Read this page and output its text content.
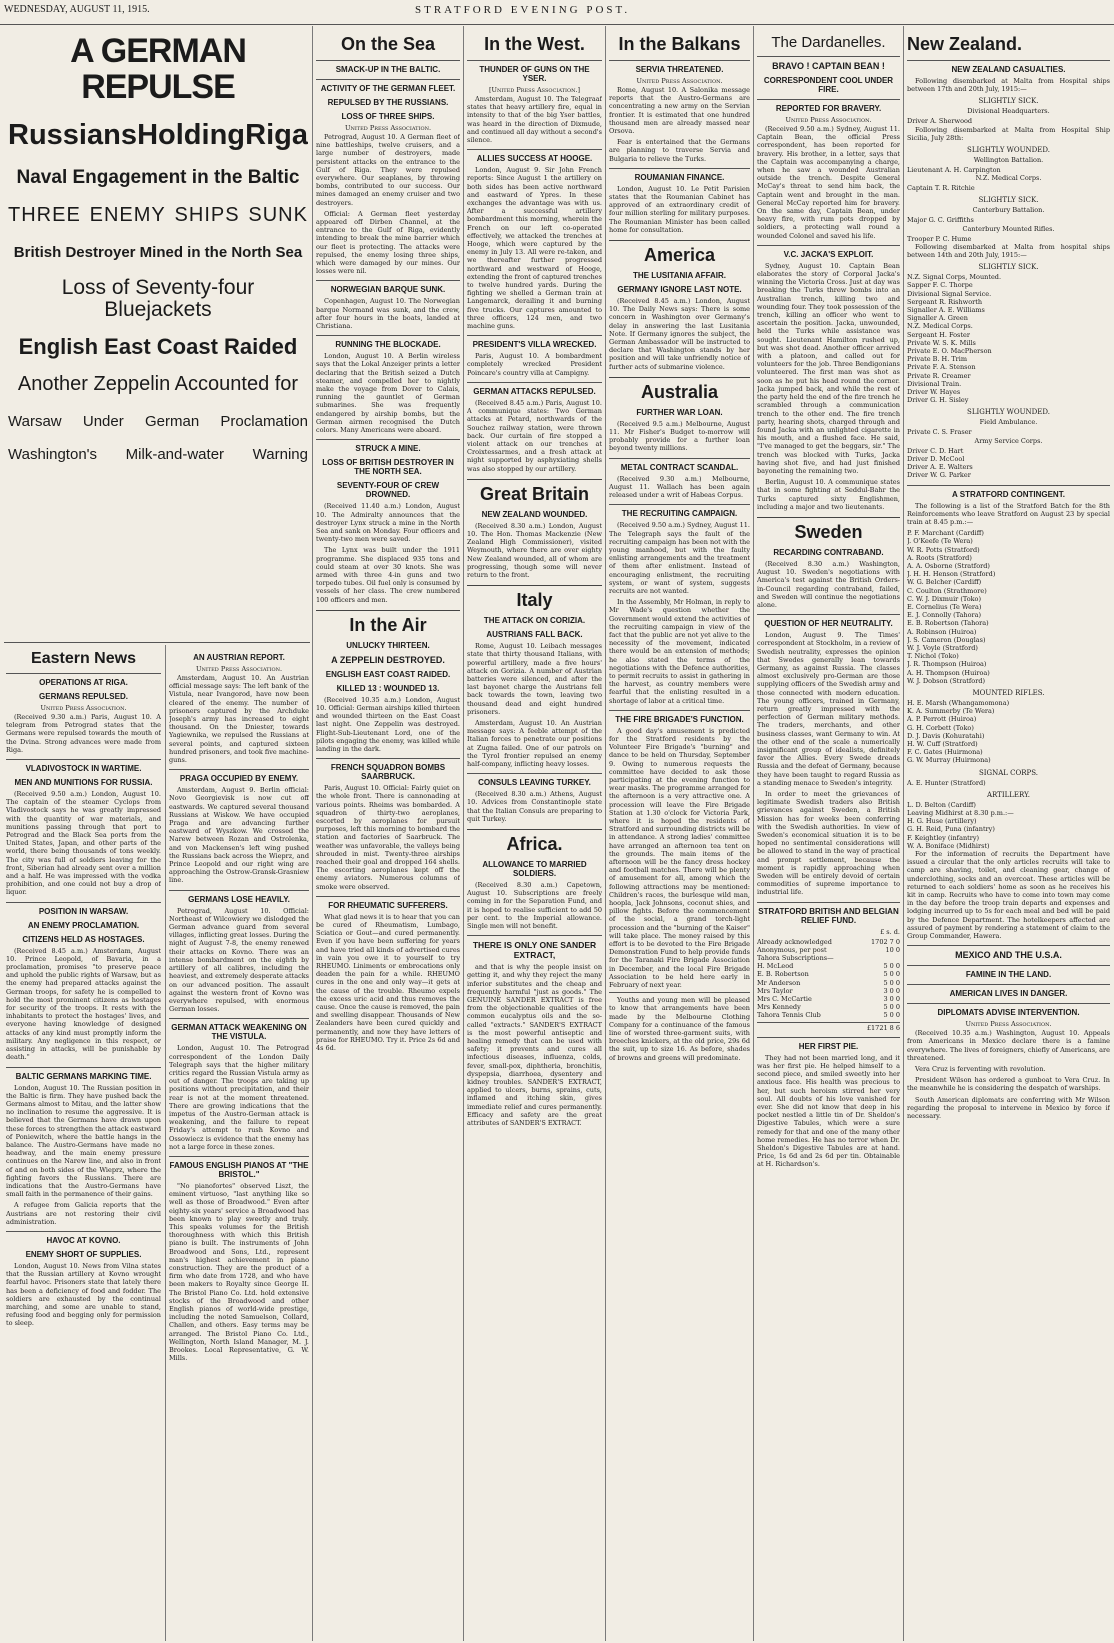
WEDNESDAY, AUGUST 11, 1915.	STRATFORD EVENING POST.

A GERMAN REPULSE

Russians Holding Riga

Naval Engagement in the Baltic

THREE ENEMY SHIPS SUNK

British Destroyer Mined in the North Sea

Loss of Seventy-four Bluejackets

English East Coast Raided

Another Zeppelin Accounted for

Warsaw Under German Proclamation
Washington's Milk-and-water Warning
Eastern News

OPERATIONS AT RIGA.

GERMANS REPULSED.

United Press Association.

(Received 9.30 a.m.) Paris, August 10. A telegram from Petrograd states that the Germans were repulsed towards the mouth of the Dvina. Strong advances were made from Riga.

VLADIVOSTOCK IN WARTIME.

MEN AND MUNITIONS FOR RUSSIA.

(Received 9.50 a.m.) London, August 10. The captain of the steamer Cyclops from Vladivostock says he was greatly impressed with the quantity of war materials, and munitions passing through that port to Petrograd and the Black Sea ports from the United States, Japan, and other parts of the world, there being thousands of tons weekly. The city was full of soldiers leaving for the front, Siberian had already sent over a million and a half. He was impressed with the vodka prohibition, and one could not buy a drop of liquor.

POSITION IN WARSAW.

AN ENEMY PROCLAMATION.

CITIZENS HELD AS HOSTAGES.

(Received 8.45 a.m.) Amsterdam, August 10. Prince Leopold, of Bavaria, in a proclamation, promises "to preserve peace and uphold the public rights of Warsaw, but as the enemy had prepared attacks against the German troops, for safety he is compelled to hold the most prominent citizens as hostages for security of the troops. It rests with the inhabitants to protect the hostages' lives, and everyone having knowledge of designed attacks of any kind must promptly inform the military. Any negligence in this respect, or assisting in attacks, will be punishable by death."

BALTIC GERMANS MARKING TIME.

London, August 10. The Russian position in the Baltic is firm. They have pushed back the Germans almost to Mitau, and the latter show no inclination to resume the aggressive. It is believed that the Germans have drawn upon these forces to strengthen the attack eastward of Poniewitch, where the battle hangs in the balance. The Austro-Germans have made no headway, and the main enemy pressure continues on the Narew line, and also in front of and on both sides of the Wieprz, where the fighting favors the Russians. There are indications that the Austro-Germans have small faith in the permanence of their gains.

A refugee from Galicia reports that the Austrians are not restoring their civil administration.

HAVOC AT KOVNO.

ENEMY SHORT OF SUPPLIES.

London, August 10. News from Vilna states that the Russian artillery at Kovno wrought fearful havoc. Prisoners state that lately there has been a deficiency of food and fodder. The soldiers are exhausted by the continual marching, and some are unable to stand, refusing food and begging only for permission to sleep.

AN AUSTRIAN REPORT.

United Press Association.

Amsterdam, August 10. An Austrian official message says: The left bank of the Vistula, near Ivangorod, have now been cleared of the enemy. The number of prisoners captured by the Archduke Joseph's army has increased to eight thousand. On the Dniester, towards Yagiewnika, we repulsed the Russians at several points, and captured sixteen hundred prisoners, and took five machine-guns.

PRAGA OCCUPIED BY ENEMY.

Amsterdam, August 9. Berlin official: Novo Georgievisk is now cut off eastwards. We captured several thousand Russians at Wiskow. We have occupied Praga and are advancing further eastward of Wyszkow. We crossed the Narew between Rozan and Ostrolenka, and von Mackensen's left wing pushed the Russians back across the Wieprz, and Prince Leopold and our right wing are approaching the Ostrow-Gransk-Grasniew line.

GERMANS LOSE HEAVILY.

Petrograd, August 10. Official: Northeast of Wilcowiery we dislodged the German advance guard from several villages, inflicting great losses. During the night of August 7-8, the enemy renewed their attacks on Kovno. There was an intense bombardment on the eighth by artillery of all calibres, including the heaviest, and extremely desperate attacks on our advanced position. The assault against the western front of Kovno was everywhere repulsed, with enormous German losses.

GERMAN ATTACK WEAKENING ON THE VISTULA.

London, August 10. The Petrograd correspondent of the London Daily Telegraph says that the higher military critics regard the Russian Vistula army as out of danger. The troops are taking up positions without precipitation, and their rear is not at the moment threatened. There are growing indications that the impetus of the Austro-German attack is weakening, and the failure to repeat Friday's attempt to rush Kovno and Ossowiecz is evidence that the enemy has not a large force in these zones.

FAMOUS ENGLISH PIANOS AT "THE BRISTOL."

"No pianofortes" observed Liszt, the eminent virtuoso, "last anything like so well as those of Broadwood." Even after eighty-six years' service a Broadwood has been known to play sweetly and truly. This speaks volumes for the British thoroughness with which this British piano is built. The instruments of John Broadwood and Sons, Ltd., represent man's highest achievement in piano construction. They are the product of a firm who date from 1728, and who have been makers to Royalty since George II. The Bristol Piano Co. Ltd. hold extensive stocks of the Broadwood and other English pianos of world-wide prestige, including the noted Samuelson, Collard, Challen, and others. Easy terms may be arranged. The Bristol Piano Co. Ltd., Wellington, North Island Manager, M. J. Brookes. Local Representative, G. W. Mills.

On the Sea

SMACK-UP IN THE BALTIC.

ACTIVITY OF THE GERMAN FLEET.

REPULSED BY THE RUSSIANS.

LOSS OF THREE SHIPS.

United Press Association.

Petrograd, August 10. A German fleet of nine battleships, twelve cruisers, and a large number of destroyers, made persistent attacks on the entrance to the Gulf of Riga. They were repulsed everywhere. Our seaplanes, by throwing bombs, contributed to our success. Our mines damaged an enemy cruiser and two destroyers.

Official: A German fleet yesterday appeared off Dirben Channel, at the entrance to the Gulf of Riga, evidently intending to break the mine barrier which our fleet is protecting. The attacks were repulsed, the enemy losing three ships, which were damaged by our mines. Our losses were nil.

NORWEGIAN BARQUE SUNK.

Copenhagen, August 10. The Norwegian barque Normand was sunk, and the crew, after four hours in the boats, landed at Christiana.

RUNNING THE BLOCKADE.

London, August 10. A Berlin wireless says that the Lokal Anzeiger prints a letter declaring that the British seized a Dutch steamer, and compelled her to nightly make the voyage from Dover to Calais, running the gauntlet of German submarines. She was frequently endangered by airship bombs, but the German airmen recognised the Dutch colors. Many Americans were aboard.

STRUCK A MINE.

LOSS OF BRITISH DESTROYER IN THE NORTH SEA.

SEVENTY-FOUR OF CREW DROWNED.

(Received 11.40 a.m.) London, August 10. The Admiralty announces that the destroyer Lynx struck a mine in the North Sea and sank on Monday. Four officers and twenty-two men were saved.

The Lynx was built under the 1911 programme. She displaced 935 tons and could steam at over 30 knots. She was armed with three 4-in guns and two torpedo tubes. Oil fuel only is consumed by vessels of her class. The crew numbered 100 officers and men.

In the Air

UNLUCKY THIRTEEN.

A ZEPPELIN DESTROYED.

ENGLISH EAST COAST RAIDED.

KILLED 13 : WOUNDED 13.

(Received 10.35 a.m.) London, August 10. Official: German airships killed thirteen and wounded thirteen on the East Coast last night. One Zeppelin was destroyed. Flight-Sub-Lieutenant Lord, one of the pilots engaging the enemy, was killed while landing in the dark.

FRENCH SQUADRON BOMBS SAARBRUCK.

Paris, August 10. Official: Fairly quiet on the whole front. There is cannonading at various points. Rheims was bombarded. A squadron of thirty-two aeroplanes, escorted by aeroplanes for pursuit purposes, left this morning to bombard the station and factories of Saarbruck. The weather was unfavorable, the valleys being shrouded in mist. Twenty-three airships reached their goal and dropped 164 shells. The escorting aeroplanes kept off the enemy aviators. Numerous columns of smoke were observed.

FOR RHEUMATIC SUFFERERS.

What glad news it is to hear that you can be cured of Rheumatism, Lumbago, Sciatica or Gout—and cured permanently. Even if you have been suffering for years and have tried all kinds of advertised cures in vain you owe it to yourself to try RHEUMO. Liniments or embrocations only deaden the pain for a while. RHEUMO cures in the one and only way—it gets at the cause of the trouble. Rheumo expels the excess uric acid and thus removes the cause. Once the cause is removed, the pain and swelling disappear. Thousands of New Zealanders have been cured quickly and permanently, and now they have letters of praise for RHEUMO. Try it. Price 2s 6d and 4s 6d.

In the West.

THUNDER OF GUNS ON THE YSER.

[United Press Association.]

Amsterdam, August 10. The Telegraaf states that heavy artillery fire, equal in intensity to that of the big Yser battles, was heard in the direction of Dixmude, and continued all day without a second's silence.

ALLIES SUCCESS AT HOOGE.

London, August 9. Sir John French reports: Since August 1 the artillery on both sides has been active northward and eastward of Ypres. In these exchanges the advantage was with us. After a successful artillery bombardment this morning, wherein the French on our left co-operated effectively, we attacked the trenches at Hooge, which were captured by the enemy in July 13. All were re-taken, and we thereafter further progressed northward and westward of Hooge, extending the front of captured trenches to twelve hundred yards. During the fighting we shelled a German train at Langemarck, derailing it and burning five trucks. Our captures amounted to three officers, 124 men, and two machine guns.

PRESIDENT'S VILLA WRECKED.

Paris, August 10. A bombardment completely wrecked President Poincare's country villa at Campigny.

GERMAN ATTACKS REPULSED.

(Received 8.45 a.m.) Paris, August 10. A communique states: Two German attacks at Petard, northwards of the Souchez railway station, were thrown back. Our curtain of fire stopped a violent attack on our trenches at Croixtessarmes, and a fresh attack at night supported by asphyxiating shells was also stopped by our artillery.

Great Britain

NEW ZEALAND WOUNDED.

(Received 8.30 a.m.) London, August 10. The Hon. Thomas Mackenzie (New Zealand High Commissioner), visited Weymouth, where there are over eighty New Zealand wounded, all of whom are progressing, though some will never return to the front.

Italy

THE ATTACK ON CORIZIA.

AUSTRIANS FALL BACK.

Rome, August 10. Leibach messages state that thirty thousand Italians, with powerful artillery, made a five hours' attack on Gorizia. A number of Austrian batteries were silenced, and after the last bayonet charge the Austrians fell back towards the town, leaving two thousand dead and eight hundred prisoners.

Amsterdam, August 10. An Austrian message says: A feeble attempt of the Italian forces to penetrate our positions at Zugna failed. One of our patrols on the Tyrol frontier repulsed an enemy half-company, inflicting heavy losses.

CONSULS LEAVING TURKEY.

(Received 8.30 a.m.) Athens, August 10. Advices from Constantinople state that the Italian Consuls are preparing to quit Turkey.

Africa.

ALLOWANCE TO MARRIED SOLDIERS.

(Received 8.30 a.m.) Capetown, August 10. Subscriptions are freely coming in for the Separation Fund, and it is hoped to realise sufficient to add 50 per cent. to the Imperial allowance. Single men will not benefit.

THERE IS ONLY ONE SANDER EXTRACT,

and that is why the people insist on getting it, and why they reject the many inferior substitutes and the cheap and frequently harmful "just as goods." The GENUINE SANDER EXTRACT is free from the objectionable qualities of the common eucalyptus oils and the so-called "extracts." SANDER'S EXTRACT is the most powerful antiseptic and healing remedy that can be used with safety; it prevents and cures all infectious diseases, influenza, colds, fever, small-pox, diphtheria, bronchitis, dyspepsia, diarrhoea, dysentery and kidney troubles. SANDER'S EXTRACT, applied to ulcers, burns, sprains, cuts, inflamed and itching skin, gives immediate relief and cures permanently. Efficacy and safety are the great attributes of SANDER'S EXTRACT.

In the Balkans

SERVIA THREATENED.

United Press Association.

Rome, August 10. A Salonika message reports that the Austro-Germans are concentrating a new army on the Servian frontier. It is estimated that one hundred thousand men are already massed near Orsova.

Fear is entertained that the Germans are planning to traverse Servia and Bulgaria to relieve the Turks.

ROUMANIAN FINANCE.

London, August 10. Le Petit Parisien states that the Roumanian Cabinet has approved of an extraordinary credit of four million sterling for military purposes. The Roumanian Minister has been called home for consultation.

America

THE LUSITANIA AFFAIR.

GERMANY IGNORE LAST NOTE.

(Received 8.45 a.m.) London, August 10. The Daily News says: There is some concern in Washington over Germany's delay in answering the last Lusitania Note. If Germany ignores the subject, the German Ambassador will be instructed to declare that Washington stands by her position and will take unfriendly notice of further acts of submarine violence.

Australia

FURTHER WAR LOAN.

(Received 9.5 a.m.) Melbourne, August 11. Mr Fisher's Budget to-morrow will probably provide for a further loan beyond twenty millions.

METAL CONTRACT SCANDAL.

(Received 9.30 a.m.) Melbourne, August 11. Wallach has been again released under a writ of Habeas Corpus.

THE RECRUITING CAMPAIGN.

(Received 9.50 a.m.) Sydney, August 11. The Telegraph says the fault of the recruiting campaign has been not with the young manhood, but with the faulty enlisting arrangements and the treatment of them after enlistment. Instead of encouraging enlistment, the recruiting system, or want of system, suggests recruits are not wanted.

In the Assembly, Mr Holman, in reply to Mr Wade's question whether the Government would extend the activities of the recruiting campaign in view of the fact that the public are not yet alive to the necessity of the movement, indicated there would be an extension of methods; he also stated the terms of the negotiations with the Defence authorities, to permit recruits to assist in gathering in the harvest, as country members were fearful that the enlisting resulted in a shortage of labor at a critical time.

THE FIRE BRIGADE'S FUNCTION.

A good day's amusement is predicted for the Stratford residents by the Volunteer Fire Brigade's "burning" and dance to be held on Thursday, September 9. Owing to numerous requests the committee have decided to ask those participating at the evening function to wear masks. The programme arranged for the afternoon is a very attractive one. A procession will leave the Fire Brigade Station at 1.30 o'clock for Victoria Park, where it is hoped the residents of Stratford and surrounding districts will be in attendance. A strong ladies' committee have arranged an afternoon tea tent on the grounds. The main items of the afternoon will be the fancy dress hockey and football matches. There will be plenty of amusement for all, among which the following attractions may be mentioned: Children's races, the burlesque wild man, hoopla, Jack Johnsons, coconut shies, and pillow fights. Before the commencement of the social, a grand torch-light procession and the "burning of the Kaiser" will take place. The money raised by this effort is to be devoted to the Fire Brigade Demonstration Fund to help provide funds for the Taranaki Fire Brigade Association in December, and the local Fire Brigade Association to be held here early in February of next year.

Youths and young men will be pleased to know that arrangements have been made by the Melbourne Clothing Company for a continuance of the famous line of worsted three-garment suits, with breeches knickers, at the old price, 29s 6d the suit, up to size 16. As before, shades of browns and greens will predominate.

The Dardanelles.

BRAVO ! CAPTAIN BEAN !

CORRESPONDENT COOL UNDER FIRE.

REPORTED FOR BRAVERY.

United Press Association.

(Received 9.50 a.m.) Sydney, August 11. Captain Bean, the official Press correspondent, has been reported for bravery. His brother, in a letter, says that the Captain was accompanying a charge, when he saw a wounded Australian outside the trench. Despite General McCay's threat to send him back, the Captain went and brought in the man. General McCay reported him for bravery. On the same day, Captain Bean, under heavy fire, with rum pots dropped by soldiers, a protecting wall round a wounded Colonel and saved his life.

V.C. JACKA'S EXPLOIT.

Sydney, August 10. Captain Bean elaborates the story of Corporal Jacka's winning the Victoria Cross. Just at day was breaking the Turks threw bombs into an Australian trench, killing two and wounding four. They took possession of the trench, killing an officer who went to ascertain the position. Jacka, unwounded, held the Turks while assistance was sought. Lieutenant Hamilton rushed up, but was shot dead. Another officer arrived with a platoon, and called out for volunteers for the job. Three Bendigonians volunteered. The first man was shot as soon as he put his head round the corner. Jacka jumped back, and while the rest of the party held the end of the fire trench he scrambled through a communication trench to the other end. The fire trench party, hearing shots, charged through and found Jacka with an unlighted cigarette in his mouth, and a flushed face. He said, "I've managed to get the beggars, sir." The trench was blocked with Turks, Jacka having shot five, and had just finished bayoneting the remaining two.

Berlin, August 10. A communique states that in some fighting at Seddul-Bahr the Turks captured sixty Englishmen, including a major and two lieutenants.

Sweden

RECARDING CONTRABAND.

(Received 8.30 a.m.) Washington, August 10. Sweden's negotiations with America's test against the British Orders-in-Council regarding contraband, failed, and Sweden will continue the negotiations alone.

QUESTION OF HER NEUTRALITY.

London, August 9. The Times' correspondent at Stockholm, in a review of Swedish neutrality, expresses the opinion that Swedes generally lean towards Germany, as against Russia. The classes almost exclusively pro-German are those supplying officers of the Swedish army and those connected with modern education. The young officers, trained in Germany, return greatly impressed with the perfection of German military methods. The traders, merchants, and other business classes, want Germany to win. At the other end of the scale a numerically insignificant group of idealists, definitely favor the Allies. Every Swede dreads Russia and the defeat of Germany, because they have been taught to regard Russia as a standing menace to Sweden's integrity.

In order to meet the grievances of legitimate Swedish traders also British grievances against Sweden, a British Mission has for weeks been conferring with the Swedish authorities. In view of Sweden's economical situation it is to be hoped no sentimental considerations will be allowed to stand in the way of practical and prompt settlement, because the moment is rapidly approaching when Sweden will be entirely devoid of certain commodities of supreme importance to industrial life.

STRATFORD BRITISH AND BELGIAN RELIEF FUND.

£ s. d.
Already acknowledged	1702 7 0
Anonymous, per post	10 0
Tahora Subscriptions—
H. McLeod	5 0 0
E. B. Robertson	5 0 0
Mr Anderson	5 0 0
Mrs Taylor	3 0 0
Mrs C. McCartie	3 0 0
Mrs Kennedy	5 0 0
Tahora Tennis Club	5 0 0
£1721 8 6

HER FIRST PIE.

They had not been married long, and it was her first pie. He helped himself to a second piece, and smiled sweetly into her anxious face. His health was precious to her, but such heroism stirred her very soul. All doubts of his love vanished for ever. She did not know that deep in his pocket nestled a little tin of Dr. Sheldon's Digestive Tabules, which were a sure remedy for that and one of the many other home remedies. He has no terror when Dr. Sheldon's Digestive Tabules are at hand. Price, 1s 6d and 2s 6d per tin. Obtainable at H. Richardson's.

New Zealand.

NEW ZEALAND CASUALTIES.

Following disembarked at Malta from Hospital ships between 17th and 20th July, 1915:—

SLIGHTLY SICK.

Divisional Headquarters.

Driver A. Sherwood

Following disembarked at Malta from Hospital Ship Sicilia, July 28th:

SLIGHTLY WOUNDED.

Wellington Battalion.

Lieutenant A. H. Carpington

N.Z. Medical Corps.

Captain T. R. Ritchie

SLIGHTLY SICK.

Canterbury Battalion.

Major G. C. Griffiths

Canterbury Mounted Rifles.

Trooper P. C. Hume

Following disembarked at Malta from hospital ships between 14th and 20th July, 1915:—

SLIGHTLY SICK.

N.Z. Signal Corps, Mounted.
Sapper F. C. Thorpe
Divisional Signal Service.
Sergeant R. Rishworth
Signaller A. E. Williams
Signaller A. Green
N.Z. Medical Corps.
Sergeant H. Foster
Private W. S. K. Mills
Private E. O. MacPherson
Private B. H. Trim
Private F. A. Stenson
Private R. Creamer
Divisional Train.
Driver W. Hayes
Driver G. H. Sisley

SLIGHTLY WOUNDED.

Field Ambulance.

Private C. S. Fraser

Army Service Corps.

Driver C. D. Hart
Driver D. McCool
Driver A. E. Walters
Driver W. G. Parker

A STRATFORD CONTINGENT.

The following is a list of the Stratford Batch for the 8th Reinforcements who leave Stratford on August 23 by special train at 8.45 p.m.:—

P. F. Marchant (Cardiff)
J. O'Keefe (Te Wera)
W. R. Potts (Stratford)
A. Roots (Stratford)
A. A. Osborne (Stratford)
J. H. H. Henson (Stratford)
W. G. Belcher (Cardiff)
C. Coulton (Strathmore)
C. W. J. Dixmuir (Toko)
E. Cornelius (Te Wera)
E. J. Connolly (Tahora)
E. B. Robertson (Tahora)
A. Robinson (Huiroa)
J. S. Cameron (Douglas)
W. J. Voyle (Stratford)
T. Nichol (Toko)
J. R. Thompson (Huiroa)
A. H. Thompson (Huiroa)
W. J. Dobson (Stratford)

MOUNTED RIFLES.

H. E. Marsh (Whangamomona)
K. A. Summerby (Te Wera)
A. P. Perrott (Huiroa)
G. H. Corbett (Toko)
D. J. Davis (Kohuratahi)
H. W. Cuff (Stratford)
F. C. Gates (Huirmona)
G. W. Murray (Huirmona)

SIGNAL CORPS.

A. E. Hunter (Stratford)

ARTILLERY.

L. D. Belton (Cardiff)
Leaving Midhirst at 8.30 p.m.:—
H. G. Huse (artillery)
G. H. Reid, Puna (infantry)
F. Keightley (infantry)
W. A. Boniface (Midhirst)

For the information of recruits the Department have issued a circular that the only articles recruits will take to camp are shaving, toilet, and cleaning gear, change of underclothing, socks and an overcoat. These articles will be returned to each soldiers' home as soon as he receives his kit in camp. Recruits who have to come into town may come in the day before the troop train departs and expenses and lodging incurred up to 5s for each meal and bed will be paid by the Defence Department. The hotelkeepers affected are assured of payment by rendering a statement of claim to the Group Commander, Hawera.

MEXICO AND THE U.S.A.

FAMINE IN THE LAND.

AMERICAN LIVES IN DANGER.

DIPLOMATS ADVISE INTERVENTION.

United Press Association.

(Received 10.35 a.m.) Washington, August 10. Appeals from Americans in Mexico declare there is a famine everywhere. The lives of foreigners, chiefly of Americans, are threatened.

Vera Cruz is ferventing with revolution.

President Wilson has ordered a gunboat to Vera Cruz. In the meanwhile he is considering the despatch of warships.

South American diplomats are conferring with Mr Wilson regarding the proposal to intervene in Mexico by force if necessary.
